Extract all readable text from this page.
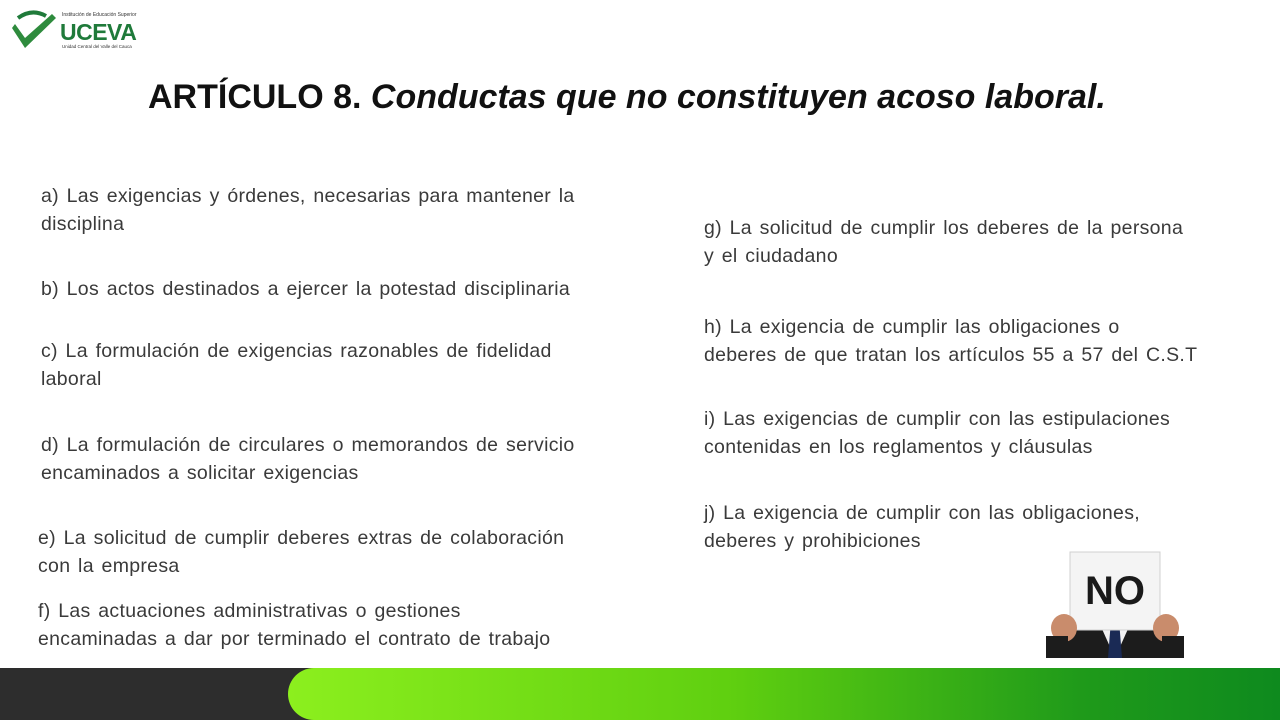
Institución de Educación Superior
UCEVA
Unidad Central del Valle del Cauca
ARTÍCULO 8. Conductas que no constituyen acoso laboral.
a) Las exigencias y órdenes, necesarias para mantener la
disciplina
b) Los actos destinados a ejercer la potestad disciplinaria
c) La formulación de exigencias razonables de fidelidad
laboral
d) La formulación de circulares o memorandos de servicio
encaminados a solicitar exigencias
e) La solicitud de cumplir deberes extras de colaboración
con la empresa
f) Las actuaciones administrativas o gestiones
encaminadas a dar por terminado el contrato de trabajo
g) La solicitud de cumplir los deberes de la persona
y el ciudadano
h) La exigencia de cumplir las obligaciones o
deberes de que tratan los artículos 55 a 57 del C.S.T
i) Las exigencias de cumplir con las estipulaciones
contenidas en los reglamentos y cláusulas
j) La exigencia de cumplir con las obligaciones,
deberes y prohibiciones
NO
